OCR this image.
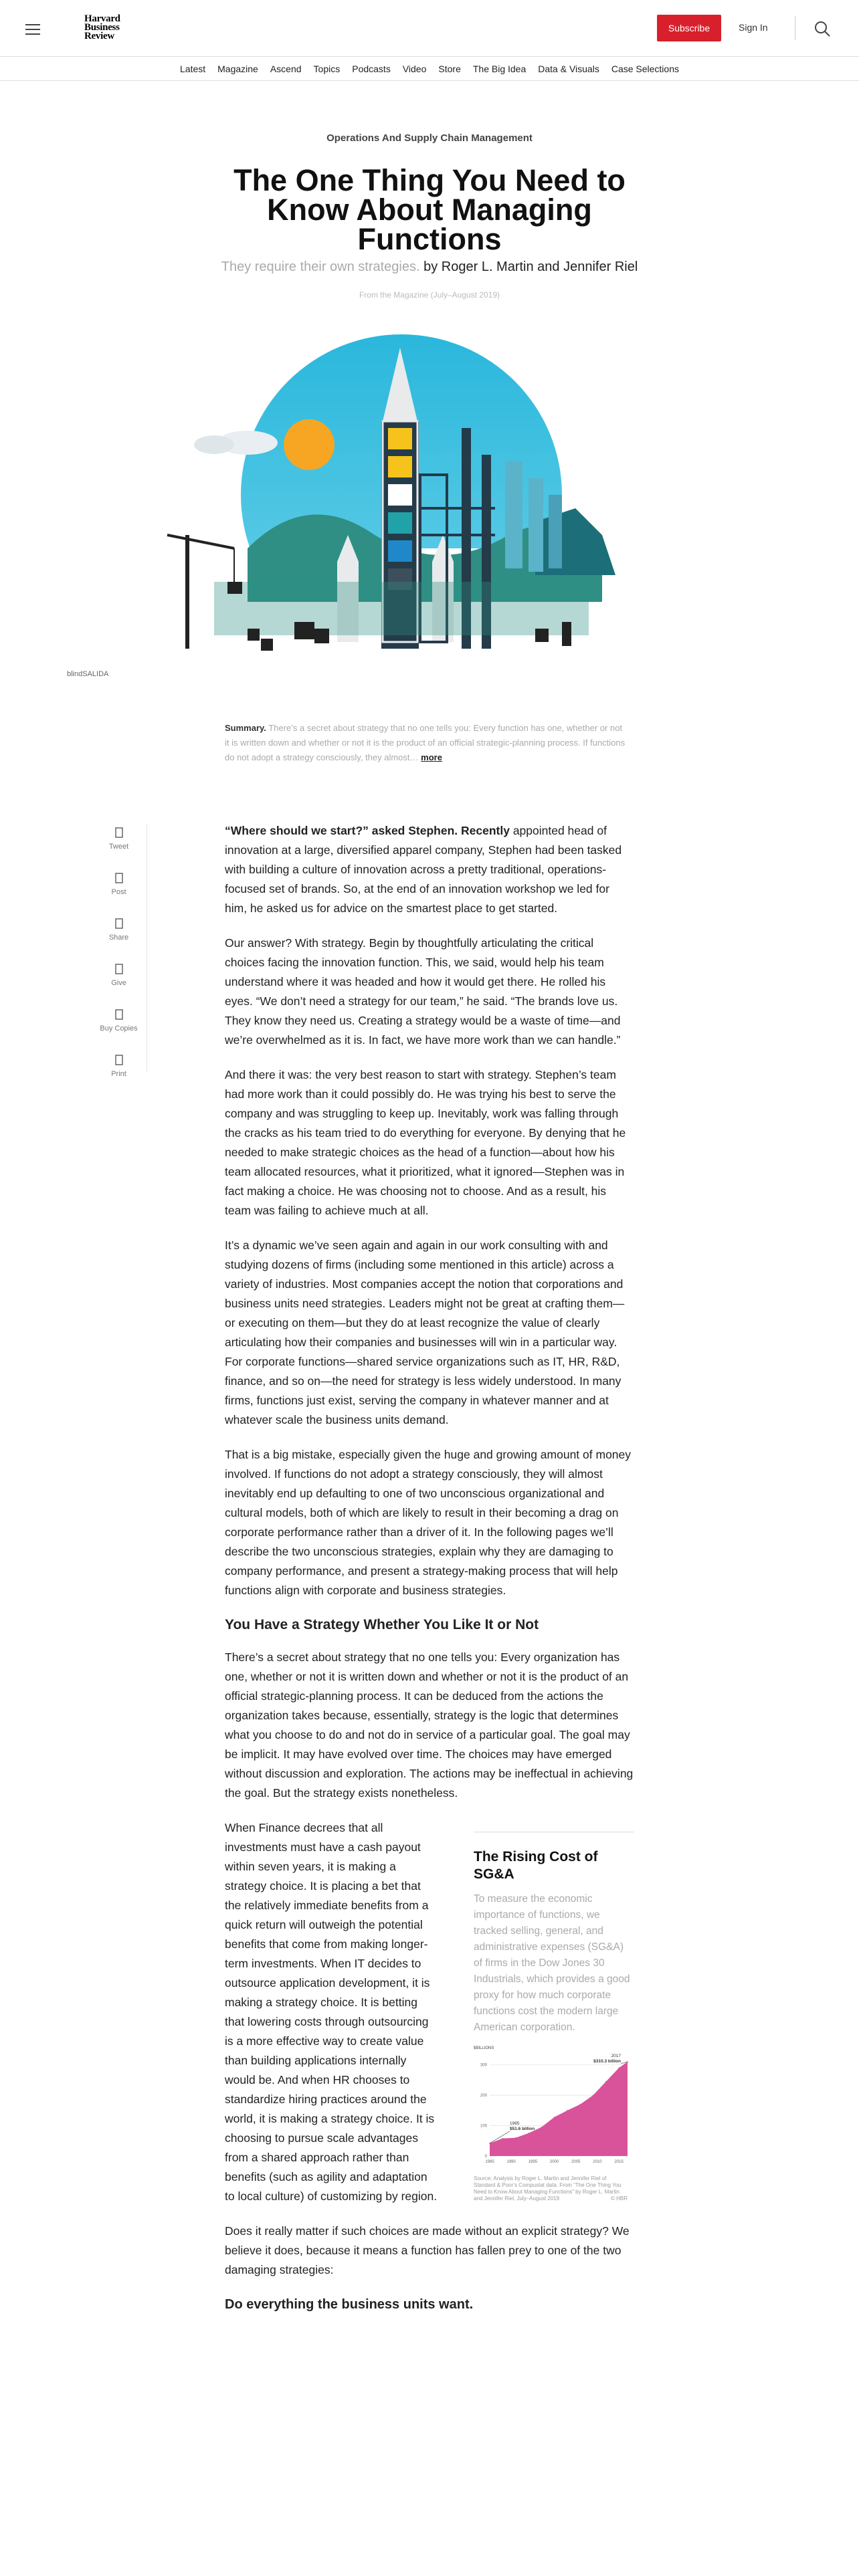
Harvard Business Review
Subscribe	Sign In
Latest	Magazine	Ascend	Topics	Podcasts	Video	Store	The Big Idea	Data & Visuals	Case Selections
Operations And Supply Chain Management
The One Thing You Need to Know About Managing Functions
They require their own strategies. by Roger L. Martin and Jennifer Riel
From the Magazine (July–August 2019)
blindSALIDA
Summary. There’s a secret about strategy that no one tells you: Every function has one, whether or not it is written down and whether or not it is the product of an official strategic-planning process. If functions do not adopt a strategy consciously, they almost… more
Tweet
Post
Share
Give
Buy Copies
Print

“Where should we start?” asked Stephen. Recently appointed head of innovation at a large, diversified apparel company, Stephen had been tasked with building a culture of innovation across a pretty traditional, operations-focused set of brands. So, at the end of an innovation workshop we led for him, he asked us for advice on the smartest place to get started.

Our answer? With strategy. Begin by thoughtfully articulating the critical choices facing the innovation function. This, we said, would help his team understand where it was headed and how it would get there. He rolled his eyes. “We don’t need a strategy for our team,” he said. “The brands love us. They know they need us. Creating a strategy would be a waste of time—and we’re overwhelmed as it is. In fact, we have more work than we can handle.”

And there it was: the very best reason to start with strategy. Stephen’s team had more work than it could possibly do. He was trying his best to serve the company and was struggling to keep up. Inevitably, work was falling through the cracks as his team tried to do everything for everyone. By denying that he needed to make strategic choices as the head of a function—about how his team allocated resources, what it prioritized, what it ignored—Stephen was in fact making a choice. He was choosing not to choose. And as a result, his team was failing to achieve much at all.

It’s a dynamic we’ve seen again and again in our work consulting with and studying dozens of firms (including some mentioned in this article) across a variety of industries. Most companies accept the notion that corporations and business units need strategies. Leaders might not be great at crafting them—or executing on them—but they do at least recognize the value of clearly articulating how their companies and businesses will win in a particular way. For corporate functions—shared service organizations such as IT, HR, R&D, finance, and so on—the need for strategy is less widely understood. In many firms, functions just exist, serving the company in whatever manner and at whatever scale the business units demand.

That is a big mistake, especially given the huge and growing amount of money involved. If functions do not adopt a strategy consciously, they will almost inevitably end up defaulting to one of two unconscious organizational and cultural models, both of which are likely to result in their becoming a drag on corporate performance rather than a driver of it. In the following pages we’ll describe the two unconscious strategies, explain why they are damaging to company performance, and present a strategy-making process that will help functions align with corporate and business strategies.

You Have a Strategy Whether You Like It or Not

There’s a secret about strategy that no one tells you: Every organization has one, whether or not it is written down and whether or not it is the product of an official strategic-planning process. It can be deduced from the actions the organization takes because, essentially, strategy is the logic that determines what you choose to do and not do in service of a particular goal. The goal may be implicit. It may have evolved over time. The choices may have emerged without discussion and exploration. The actions may be ineffectual in achieving the goal. But the strategy exists nonetheless.

When Finance decrees that all investments must have a cash payout within seven years, it is making a strategy choice. It is placing a bet that the relatively immediate benefits from a quick return will outweigh the potential benefits that come from making longer-term investments. When IT decides to outsource application development, it is making a strategy choice. It is betting that lowering costs through outsourcing is a more effective way to create value than building applications internally would be. And when HR chooses to standardize hiring practices around the world, it is making a strategy choice. It is choosing to pursue scale advantages from a shared approach rather than benefits (such as agility and adaptation to local culture) of customizing by region.
The Rising Cost of SG&A

To measure the economic importance of functions, we tracked selling, general, and administrative expenses (SG&A) of firms in the Dow Jones 30 Industrials, which provides a good proxy for how much corporate functions cost the modern large American corporation.

$BILLIONS
0
100
200
300
1985	1990	1995	2000	2005	2010	2015
1985
$51.6 billion
2017
$310.3 billion
Source: Analysis by Roger L. Martin and Jennifer Riel of Standard & Poor’s Compustat data. From “The One Thing You Need to Know About Managing Functions” by Roger L. Martin and Jennifer Riel, July–August 2019	© HBR

Does it really matter if such choices are made without an explicit strategy? We believe it does, because it means a function has fallen prey to one of the two damaging strategies:

Do everything the business units want.
